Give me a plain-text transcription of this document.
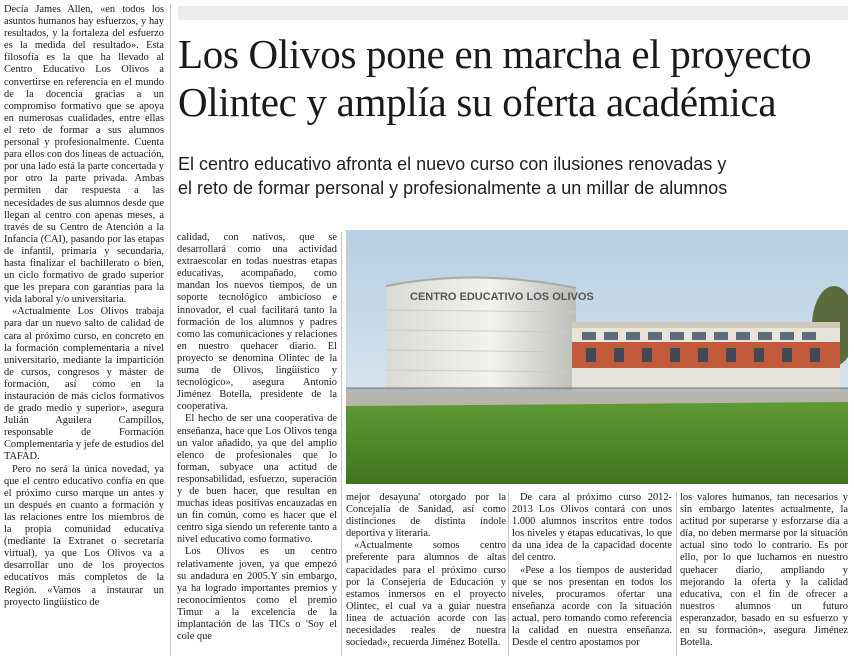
Decía James Allen, «en todos los asuntos humanos hay esfuerzos, y hay resultados, y la fortaleza del esfuerzo es la medida del resultado». Esta filosofía es la que ha llevado al Centro Educativo Los Olivos a convertirse en referencia en el mundo de la docencia gracias a un compromiso formativo que se apoya en numerosas cualidades, entre ellas el reto de formar a sus alumnos personal y profesionalmente. Cuenta para ellos con dos líneas de actuación, por una lado está la parte concertada y por otro la parte privada. Ambas permiten dar respuesta a las necesidades de sus alumnos desde que llegan al centro con apenas meses, a través de su Centro de Atención a la Infancia (CAI), pasando por las etapas de infantil, primaria y secundaria, hasta finalizar el bachillerato o bien, un ciclo formativo de grado superior que les prepara con garantías para la vida laboral y/o universitaria.

«Actualmente Los Olivos trabaja para dar un nuevo salto de calidad de cara al próximo curso, en concreto en la formación complementaria a nivel universitario, mediante la impartición de cursos, congresos y máster de formación, así como en la instauración de más ciclos formativos de grado medio y superior», asegura Julián Aguilera Campillos, responsable de Formación Complementaria y jefe de estudios del TAFAD.

Pero no será la única novedad, ya que el centro educativo confía en que el próximo curso marque un antes y un después en cuanto a formación y las relaciones entre los miembros de la propia comunidad educativa (mediante la Extranet o secretaría virtual), ya que Los Olivos va a desarrollar uno de los proyectos educativos más completos de la Región. «Vamos a instaurar un proyecto lingüístico de

Los Olivos pone en marcha el proyecto
Olintec y amplía su oferta académica

El centro educativo afronta el nuevo curso con ilusiones renovadas y
el reto de formar personal y profesionalmente a un millar de alumnos

CENTRO EDUCATIVO LOS OLIVOS

calidad, con nativos, que se desarrollará como una actividad extraescolar en todas nuestras etapas educativas, acompañado, como mandan los nuevos tiempos, de un soporte tecnológico ambicioso e innovador, el cual facilitará tanto la formación de los alumnos y padres como las comunicaciones y relaciones en nuestro quehacer diario. El proyecto se denomina Olintec de la suma de Olivos, lingüístico y tecnológico», asegura Antonio Jiménez Botella, presidente de la cooperativa.

El hecho de ser una cooperativa de enseñanza, hace que Los Olivos tenga un valor añadido, ya que del amplio elenco de profesionales que lo forman, subyace una actitud de responsabilidad, esfuerzo, superación y de buen hacer, que resultan en muchas ideas positivas encauzadas en un fin común, como es hacer que el centro siga siendo un referente tanto a nivel educativo como formativo.

Los Olivos es un centro relativamente joven, ya que empezó su andadura en 2005.Y sin embargo, ya ha logrado importantes premios y reconocimientos como el premio Timur a la excelencia de la implantación de las TICs o 'Soy el cole que

mejor desayuna' otorgado por la Concejalía de Sanidad, así como distinciones de distinta índole deportiva y literaria.

«Actualmente somos centro preferente para alumnos de altas capacidades para el próximo curso por la Consejería de Educación y estamos inmersos en el proyecto Olintec, el cual va a guiar nuestra línea de actuación acorde con las necesidades reales de nuestra sociedad», recuerda Jiménez Botella.

De cara al próximo curso 2012-2013 Los Olivos contará con unos 1.000 alumnos inscritos entre todos los niveles y etapas educativas, lo que da una idea de la capacidad docente del centro.

«Pese a los tiempos de austeridad que se nos presentan en todos los niveles, procuramos ofertar una enseñanza acorde con la situación actual, pero tomando como referencia la calidad en nuestra enseñanza. Desde el centro apostamos por

los valores humanos, tan necesarios y sin embargo latentes actualmente, la actitud por superarse y esforzarse día a día, no deben mermarse por la situación actual sino todo lo contrario. Es por ello, por lo que luchamos en nuestro quehacer diario, ampliando y mejorando la oferta y la calidad educativa, con el fin de ofrecer a nuestros alumnos un futuro esperanzador, basado en su esfuerzo y en su formación», asegura Jiménez Botella.
